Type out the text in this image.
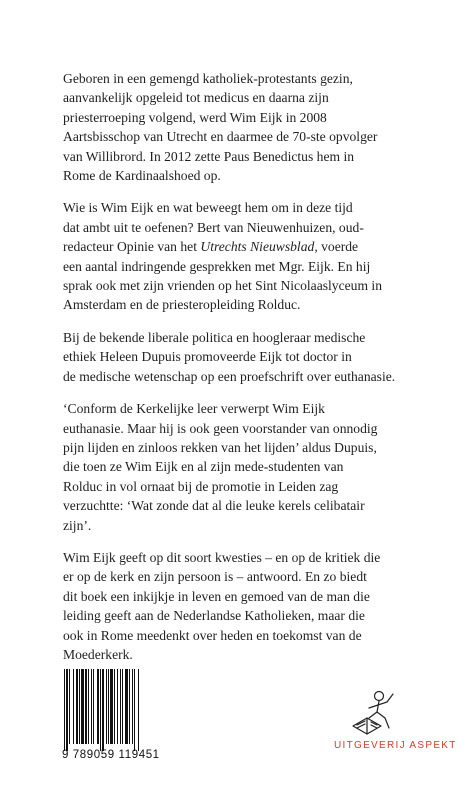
Geboren in een gemengd katholiek-protestants gezin,
aanvankelijk opgeleid tot medicus en daarna zijn
priesterroeping volgend, werd Wim Eijk in 2008
Aartsbisschop van Utrecht en daarmee de 70-ste opvolger
van Willibrord. In 2012 zette Paus Benedictus hem in
Rome de Kardinaalshoed op.

Wie is Wim Eijk en wat beweegt hem om in deze tijd
dat ambt uit te oefenen? Bert van Nieuwenhuizen, oud-
redacteur Opinie van het Utrechts Nieuwsblad, voerde
een aantal indringende gesprekken met Mgr. Eijk. En hij
sprak ook met zijn vrienden op het Sint Nicolaaslyceum in
Amsterdam en de priesteropleiding Rolduc.

Bij de bekende liberale politica en hoogleraar medische
ethiek Heleen Dupuis promoveerde Eijk tot doctor in
de medische wetenschap op een proefschrift over euthanasie.

‘Conform de Kerkelijke leer verwerpt Wim Eijk
euthanasie. Maar hij is ook geen voorstander van onnodig
pijn lijden en zinloos rekken van het lijden’ aldus Dupuis,
die toen ze Wim Eijk en al zijn mede-studenten van
Rolduc in vol ornaat bij de promotie in Leiden zag
verzuchtte: ‘Wat zonde dat al die leuke kerels celibatair
zijn’.

Wim Eijk geeft op dit soort kwesties – en op de kritiek die
er op de kerk en zijn persoon is – antwoord. En zo biedt
dit boek een inkijkje in leven en gemoed van de man die
leiding geeft aan de Nederlandse Katholieken, maar die
ook in Rome meedenkt over heden en toekomst van de
Moederkerk.

9 789059 119451
UITGEVERIJ ASPEKT
